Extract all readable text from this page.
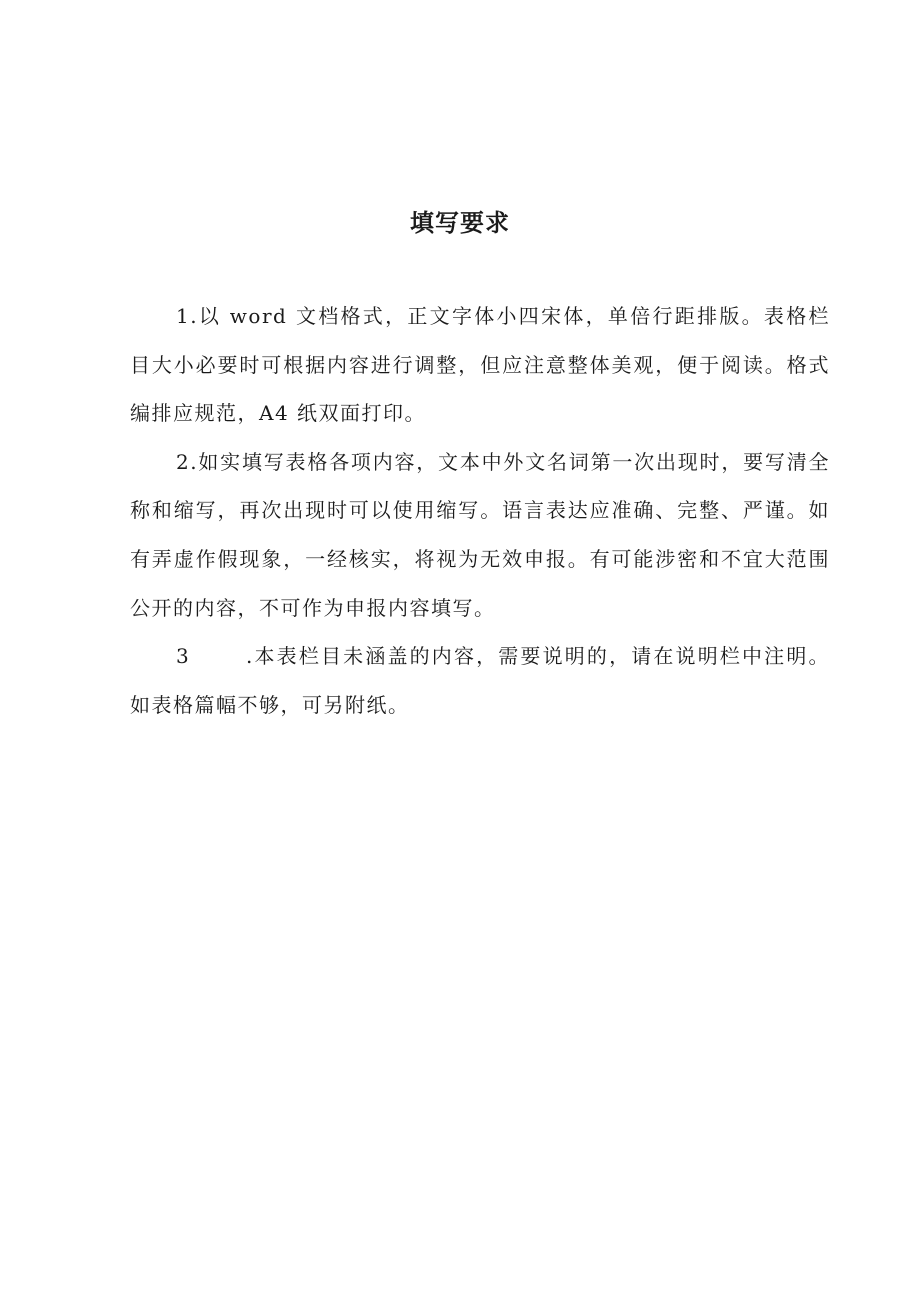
填写要求

1.以 word 文档格式，正文字体小四宋体，单倍行距排版。表格栏目大小必要时可根据内容进行调整，但应注意整体美观，便于阅读。格式编排应规范，A4 纸双面打印。

2.如实填写表格各项内容，文本中外文名词第一次出现时，要写清全称和缩写，再次出现时可以使用缩写。语言表达应准确、完整、严谨。如有弄虚作假现象，一经核实，将视为无效申报。有可能涉密和不宜大范围公开的内容，不可作为申报内容填写。

3	.本表栏目未涵盖的内容，需要说明的，请在说明栏中注明。如表格篇幅不够，可另附纸。
